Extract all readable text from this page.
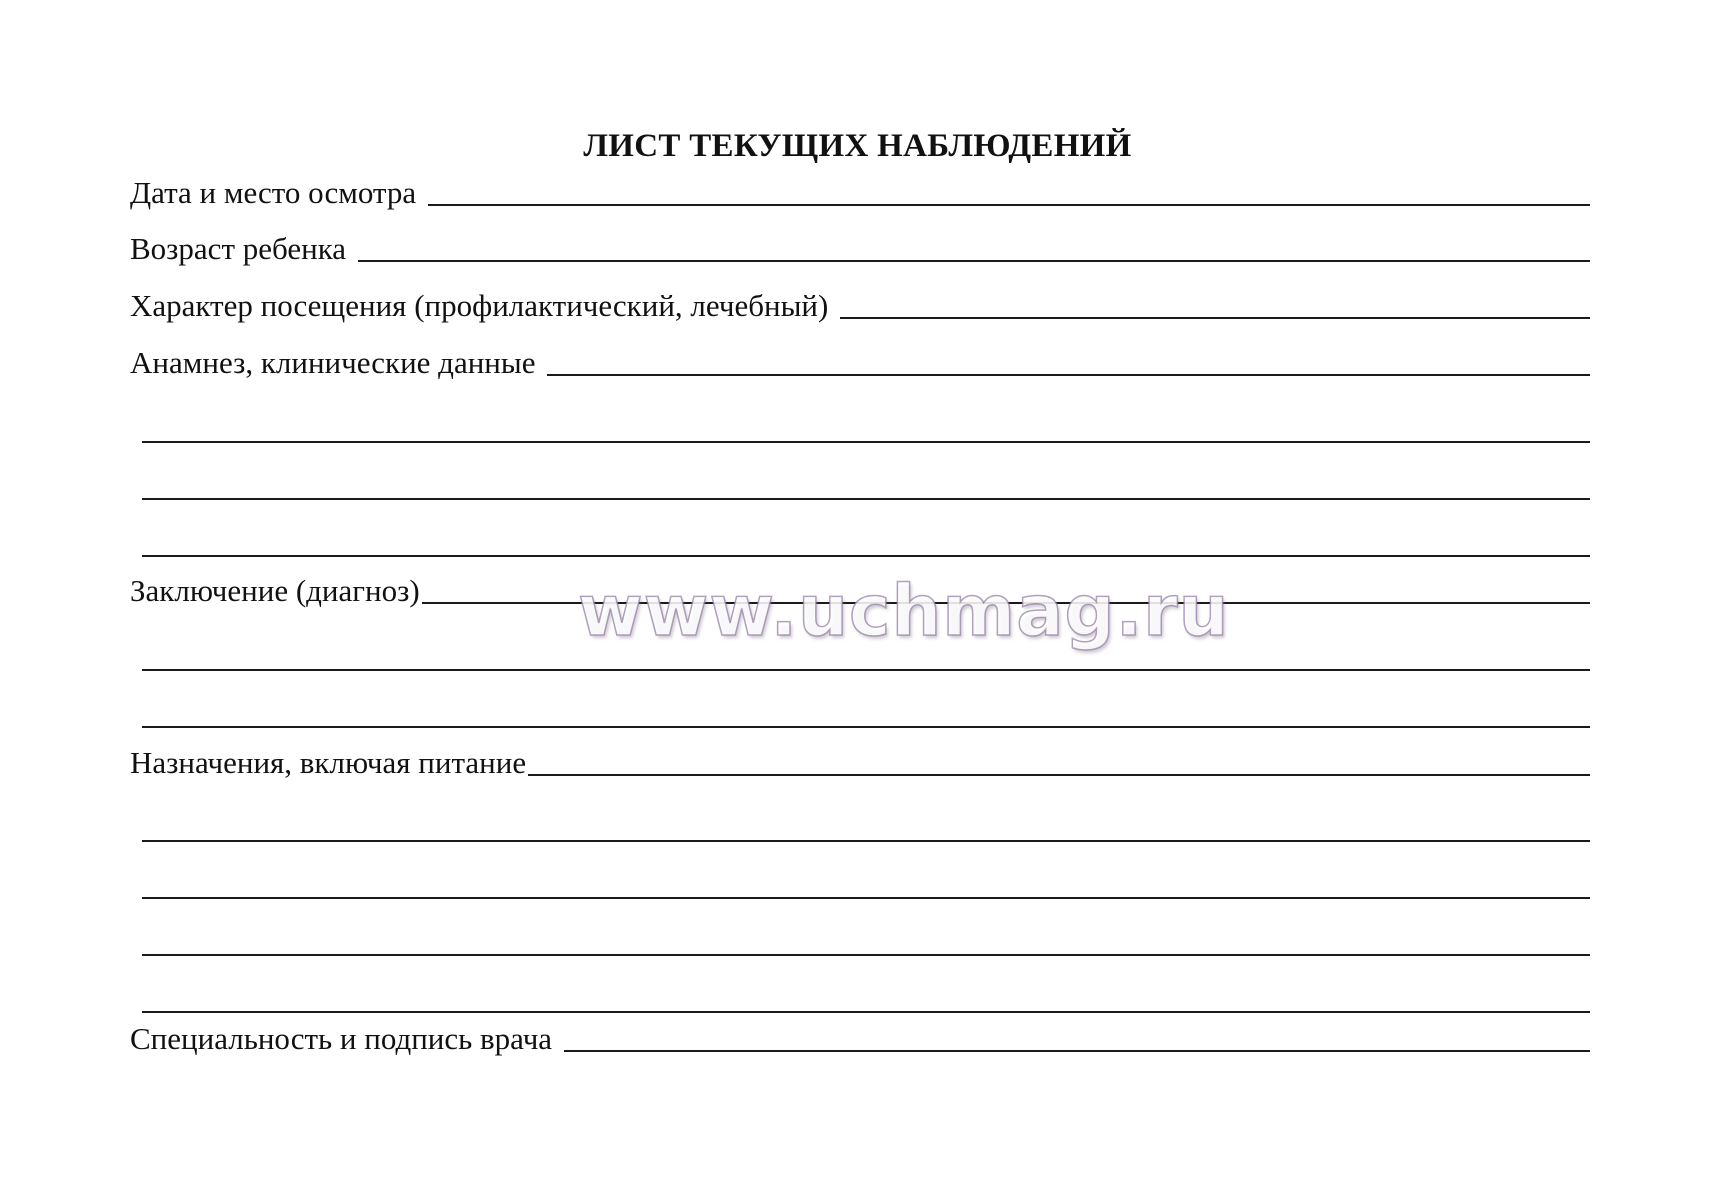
ЛИСТ ТЕКУЩИХ НАБЛЮДЕНИЙ
Дата и место осмотра
Возраст ребенка
Характер посещения (профилактический, лечебный)
Анамнез, клинические данные
Заключение (диагноз)
Назначения, включая питание
Специальность и подпись врача
www.uchmag.ru
